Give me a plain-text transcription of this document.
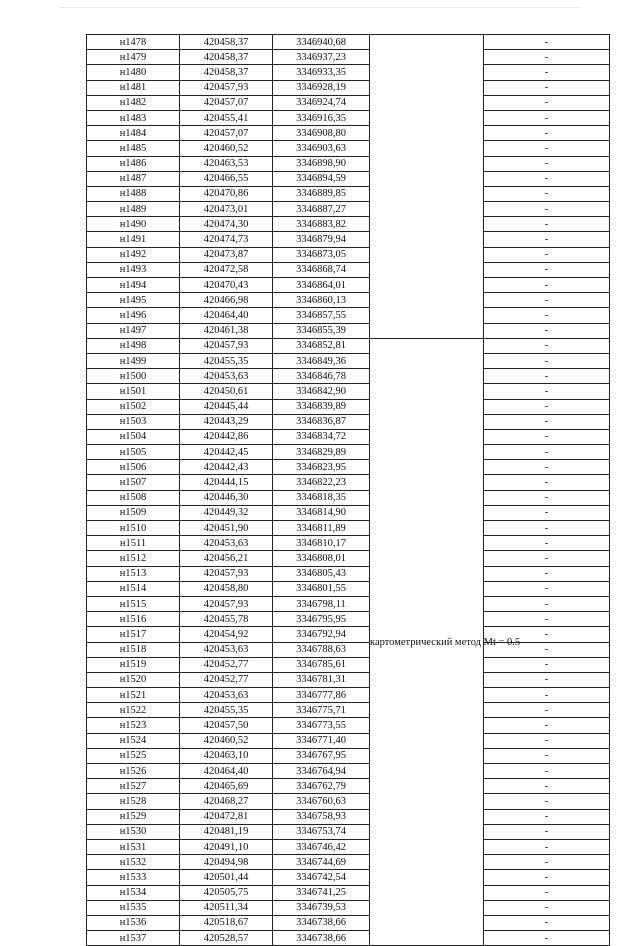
н1478	420458,37	3346940,68		-
н1479	420458,37	3346937,23		-
н1480	420458,37	3346933,35		-
н1481	420457,93	3346928,19		-
н1482	420457,07	3346924,74		-
н1483	420455,41	3346916,35		-
н1484	420457,07	3346908,80		-
н1485	420460,52	3346903,63		-
н1486	420463,53	3346898,90		-
н1487	420466,55	3346894,59		-
н1488	420470,86	3346889,85		-
н1489	420473,01	3346887,27		-
н1490	420474,30	3346883,82		-
н1491	420474,73	3346879,94		-
н1492	420473,87	3346873,05		-
н1493	420472,58	3346868,74		-
н1494	420470,43	3346864,01		-
н1495	420466,98	3346860,13		-
н1496	420464,40	3346857,55		-
н1497	420461,38	3346855,39		-
н1498	420457,93	3346852,81	картометрический метод Mt = 0.5	-
н1499	420455,35	3346849,36		-
н1500	420453,63	3346846,78		-
н1501	420450,61	3346842,90		-
н1502	420445,44	3346839,89		-
н1503	420443,29	3346836,87		-
н1504	420442,86	3346834,72		-
н1505	420442,45	3346829,89		-
н1506	420442,43	3346823,95		-
н1507	420444,15	3346822,23		-
н1508	420446,30	3346818,35		-
н1509	420449,32	3346814,90		-
н1510	420451,90	3346811,89		-
н1511	420453,63	3346810,17		-
н1512	420456,21	3346808,01		-
н1513	420457,93	3346805,43		-
н1514	420458,80	3346801,55		-
н1515	420457,93	3346798,11		-
н1516	420455,78	3346795,95		-
н1517	420454,92	3346792,94		-
н1518	420453,63	3346788,63		-
н1519	420452,77	3346785,61		-
н1520	420452,77	3346781,31		-
н1521	420453,63	3346777,86		-
н1522	420455,35	3346775,71		-
н1523	420457,50	3346773,55		-
н1524	420460,52	3346771,40		-
н1525	420463,10	3346767,95		-
н1526	420464,40	3346764,94		-
н1527	420465,69	3346762,79		-
н1528	420468,27	3346760,63		-
н1529	420472,81	3346758,93		-
н1530	420481,19	3346753,74		-
н1531	420491,10	3346746,42		-
н1532	420494,98	3346744,69		-
н1533	420501,44	3346742,54		-
н1534	420505,75	3346741,25		-
н1535	420511,34	3346739,53		-
н1536	420518,67	3346738,66		-
н1537	420528,57	3346738,66		-
